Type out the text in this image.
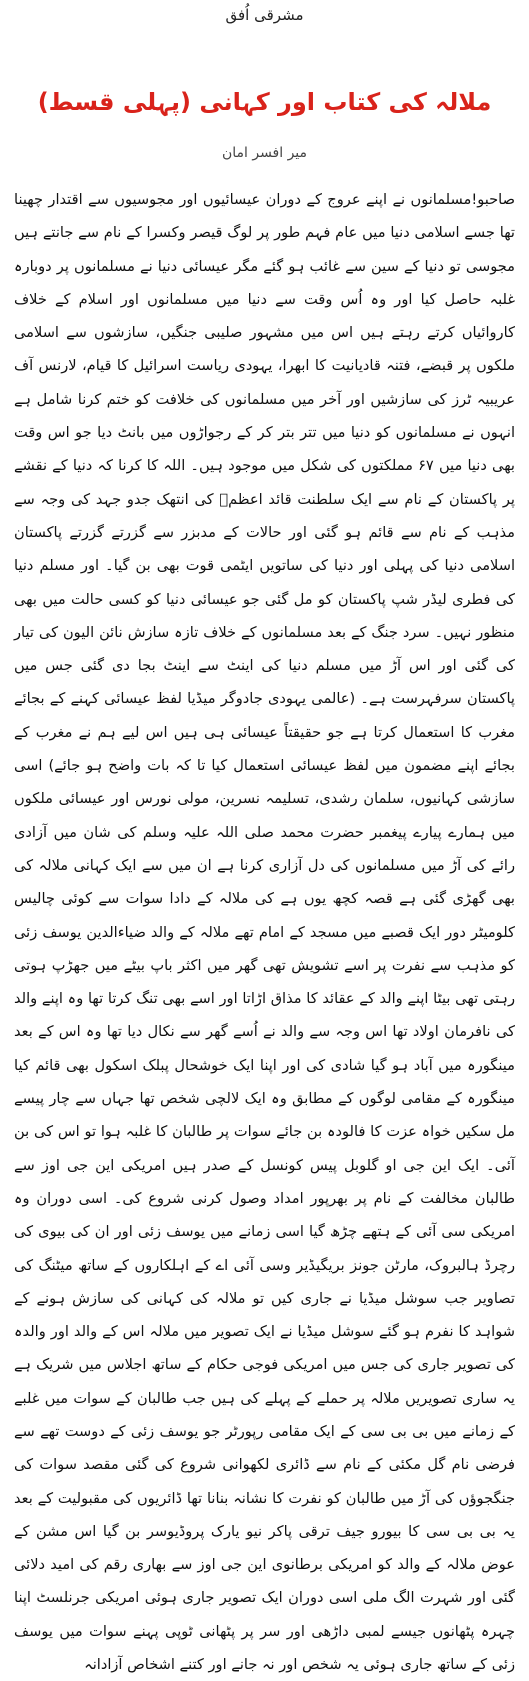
مشرقی اُفق
ملالہ کی کتاب اور کہانی (پہلی قسط)
میر افسر امان

صاحبو!مسلمانوں نے اپنے عروج کے دوران عیسائیوں اور مجوسیوں سے اقتدار چھینا تھا جسے اسلامی دنیا میں عام فہم طور پر لوگ قیصر وکسرا کے نام سے جانتے ہیں مجوسی تو دنیا کے سین سے غائب ہو گئے مگر عیسائی دنیا نے مسلمانوں پر دوبارہ غلبہ حاصل کیا اور وہ اُس وقت سے دنیا میں مسلمانوں اور اسلام کے خلاف کاروائیاں کرتے رہتے ہیں اس میں مشہور صلیبی جنگیں، سازشوں سے اسلامی ملکوں پر قبضے، فتنہ قادیانیت کا ابھرا، یہودی ریاست اسرائیل کا قیام، لارنس آف عریبیہ ٹرز کی سازشیں اور آخر میں مسلمانوں کی خلافت کو ختم کرنا شامل ہے انہوں نے مسلمانوں کو دنیا میں تتر بتر کر کے رجواڑوں میں بانٹ دیا جو اس وقت بھی دنیا میں ۶۷ مملکتوں کی شکل میں موجود ہیں۔ اللہ کا کرنا کہ دنیا کے نقشے پر پاکستان کے نام سے ایک سلطنت قائد اعظمؒ کی انتھک جدو جہد کی وجہ سے مذہب کے نام سے قائم ہو گئی اور حالات کے مدبزر سے گزرتے گزرتے پاکستان اسلامی دنیا کی پہلی اور دنیا کی ساتویں ایٹمی قوت بھی بن گیا۔ اور مسلم دنیا کی فطری لیڈر شپ پاکستان کو مل گئی جو عیسائی دنیا کو کسی حالت میں بھی منظور نہیں۔ سرد جنگ کے بعد مسلمانوں کے خلاف تازہ سازش نائن الیون کی تیار کی گئی اور اس آڑ میں مسلم دنیا کی اینٹ سے اینٹ بجا دی گئی جس میں پاکستان سرفہرست ہے۔ (عالمی یہودی جادوگر میڈیا لفظ عیسائی کہنے کے بجائے مغرب کا استعمال کرتا ہے جو حقیقتاً عیسائی ہی ہیں اس لیے ہم نے مغرب کے بجائے اپنے مضمون میں لفظ عیسائی استعمال کیا تا کہ بات واضح ہو جائے) اسی سازشی کہانیوں، سلمان رشدی، تسلیمہ نسرین، مولی نورس اور عیسائی ملکوں میں ہمارے پیارے پیغمبر حضرت محمد صلی اللہ علیہ وسلم کی شان میں آزادی رائے کی آڑ میں مسلمانوں کی دل آزاری کرنا ہے ان میں سے ایک کہانی ملالہ کی بھی گھڑی گئی ہے قصہ کچھ یوں ہے کی ملالہ کے دادا سوات سے کوئی چالیس کلومیٹر دور ایک قصبے میں مسجد کے امام تھے ملالہ کے والد ضیاءالدین یوسف زئی کو مذہب سے نفرت پر اسے تشویش تھی گھر میں اکثر باپ بیٹے میں جھڑپ ہوتی رہتی تھی بیٹا اپنے والد کے عقائد کا مذاق اڑاتا اور اسے بھی تنگ کرتا تھا وہ اپنے والد کی نافرمان اولاد تھا اس وجہ سے والد نے اُسے گھر سے نکال دیا تھا وہ اس کے بعد مینگورہ میں آباد ہو گیا شادی کی اور اپنا ایک خوشحال پبلک اسکول بھی قائم کیا مینگورہ کے مقامی لوگوں کے مطابق وہ ایک لالچی شخص تھا جہاں سے چار پیسے مل سکیں خواہ عزت کا فالودہ بن جائے سوات پر طالبان کا غلبہ ہوا تو اس کی بن آئی۔ ایک این جی او گلوبل پیس کونسل کے صدر ہیں امریکی این جی اوز سے طالبان مخالفت کے نام پر بھرپور امداد وصول کرنی شروع کی۔ اسی دوران وہ امریکی سی آئی کے ہتھے چڑھ گیا اسی زمانے میں یوسف زئی اور ان کی بیوی کی رچرڈ ہالبروک، مارٹن جونز بریگیڈیر وسی آئی اے کے اہلکاروں کے ساتھ میٹنگ کی تصاویر جب سوشل میڈیا نے جاری کیں تو ملالہ کی کہانی کی سازش ہونے کے شواہد کا نفرم ہو گئے سوشل میڈیا نے ایک تصویر میں ملالہ اس کے والد اور والدہ کی تصویر جاری کی جس میں امریکی فوجی حکام کے ساتھ اجلاس میں شریک ہے یہ ساری تصویریں ملالہ پر حملے کے پہلے کی ہیں جب طالبان کے سوات میں غلبے کے زمانے میں بی بی سی کے ایک مقامی رپورٹر جو یوسف زئی کے دوست تھے سے فرضی نام گل مکئی کے نام سے ڈائری لکھوانی شروع کی گئی مقصد سوات کی جنگجوؤں کی آڑ میں طالبان کو نفرت کا نشانہ بنانا تھا ڈائریوں کی مقبولیت کے بعد یہ بی بی سی کا بیورو جیف ترقی پاکر نیو یارک پروڈیوسر بن گیا اس مشن کے عوض ملالہ کے والد کو امریکی برطانوی این جی اوز سے بھاری رقم کی امید دلائی گئی اور شہرت الگ ملی اسی دوران ایک تصویر جاری ہوئی امریکی جرنلسٹ اپنا چہرہ پٹھانوں جیسے لمبی داڑھی اور سر پر پٹھانی ٹوپی پہنے سوات میں یوسف زئی کے ساتھ جاری ہوئی یہ شخص اور نہ جانے اور کتنے اشخاص آزادانہ
